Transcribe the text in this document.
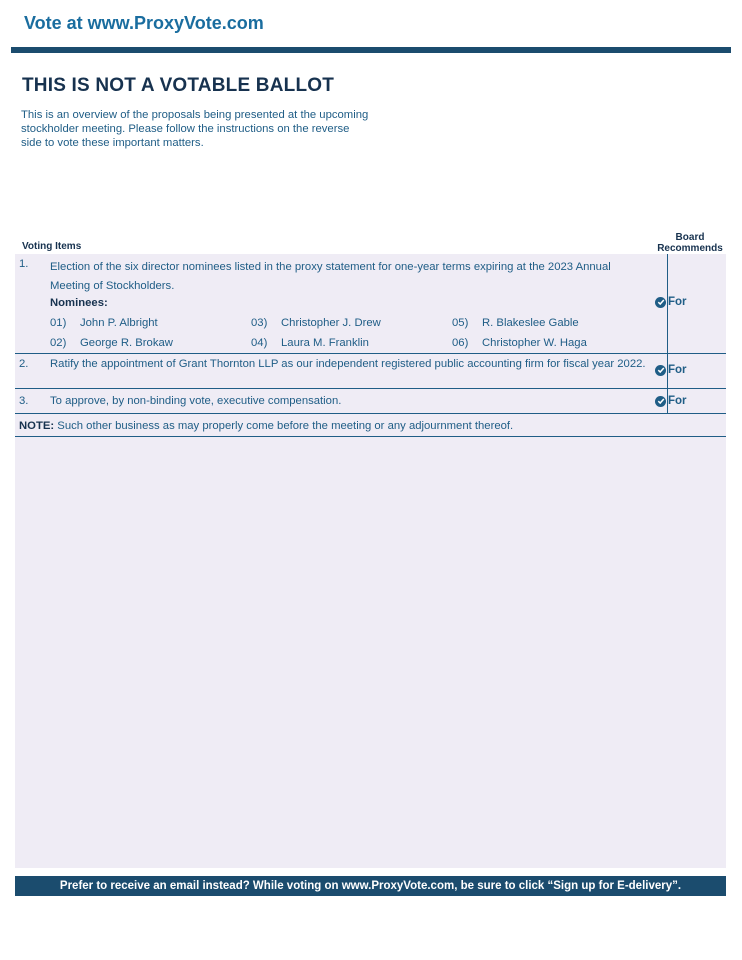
Vote at www.ProxyVote.com
THIS IS NOT A VOTABLE BALLOT
This is an overview of the proposals being presented at the upcoming stockholder meeting. Please follow the instructions on the reverse side to vote these important matters.
Voting Items
Board
Recommends
1. Election of the six director nominees listed in the proxy statement for one-year terms expiring at the 2023 Annual Meeting of Stockholders.
Nominees:
01) John P. Albright
02) George R. Brokaw
03) Christopher J. Drew
04) Laura M. Franklin
05) R. Blakeslee Gable
06) Christopher W. Haga
For
2. Ratify the appointment of Grant Thornton LLP as our independent registered public accounting firm for fiscal year 2022.	For
3. To approve, by non-binding vote, executive compensation.	For
NOTE: Such other business as may properly come before the meeting or any adjournment thereof.
Prefer to receive an email instead? While voting on www.ProxyVote.com, be sure to click “Sign up for E-delivery”.
